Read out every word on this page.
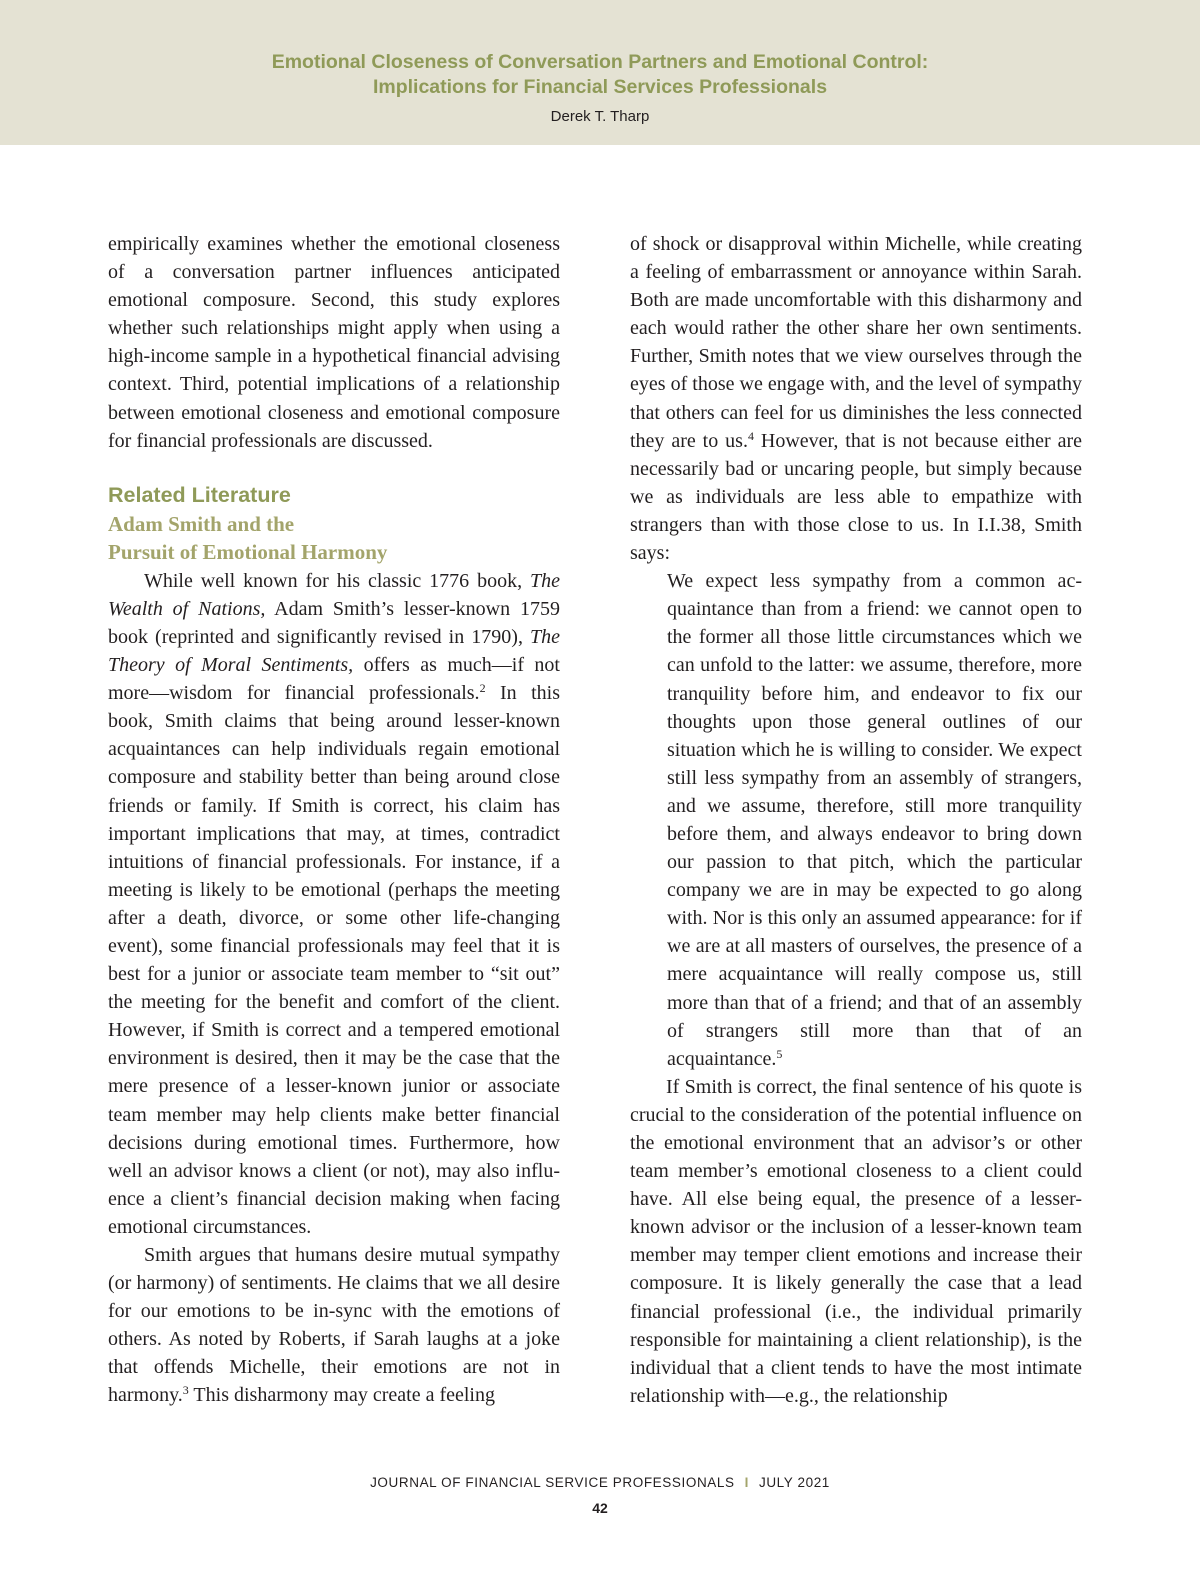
Emotional Closeness of Conversation Partners and Emotional Control:
Implications for Financial Services Professionals
Derek T. Tharp

empirically examines whether the emotional closeness of a conversation partner influences anticipated emotional composure. Second, this study explores whether such relationships might apply when using a high-income sample in a hypothetical financial advising context. Third, potential implications of a relationship between emotional closeness and emotional composure for financial professionals are discussed.

Related Literature
Adam Smith and the
Pursuit of Emotional Harmony

While well known for his classic 1776 book, The Wealth of Nations, Adam Smith’s lesser-known 1759 book (reprinted and significantly revised in 1790), The Theory of Moral Sentiments, offers as much—if not more—wisdom for financial professionals.$^2$ In this book, Smith claims that being around lesser-known acquaintances can help individuals regain emotional composure and stability better than being around close friends or family. If Smith is correct, his claim has important implications that may, at times, contradict intuitions of financial professionals. For instance, if a meeting is likely to be emotional (perhaps the meeting after a death, divorce, or some other life-changing event), some financial professionals may feel that it is best for a junior or associate team member to “sit out” the meeting for the benefit and comfort of the client. However, if Smith is correct and a tempered emotional environment is desired, then it may be the case that the mere presence of a lesser-known junior or associate team member may help clients make better financial decisions during emotional times. Furthermore, how well an advisor knows a client (or not), may also influence a client’s financial decision making when facing emotional circumstances.

Smith argues that humans desire mutual sympathy (or harmony) of sentiments. He claims that we all desire for our emotions to be in-sync with the emotions of others. As noted by Roberts, if Sarah laughs at a joke that offends Michelle, their emotions are not in harmony.$^3$ This disharmony may create a feeling

of shock or disapproval within Michelle, while creating a feeling of embarrassment or annoyance within Sarah. Both are made uncomfortable with this disharmony and each would rather the other share her own sentiments. Further, Smith notes that we view ourselves through the eyes of those we engage with, and the level of sympathy that others can feel for us diminishes the less connected they are to us.$^4$ However, that is not because either are necessarily bad or uncaring people, but simply because we as individuals are less able to empathize with strangers than with those close to us. In I.I.38, Smith says:

We expect less sympathy from a common acquaintance than from a friend: we cannot open to the former all those little circumstances which we can unfold to the latter: we assume, therefore, more tranquility before him, and endeavor to fix our thoughts upon those general outlines of our situation which he is willing to consider. We expect still less sympathy from an assembly of strangers, and we assume, therefore, still more tranquility before them, and always endeavor to bring down our passion to that pitch, which the particular company we are in may be expected to go along with. Nor is this only an assumed appearance: for if we are at all masters of ourselves, the presence of a mere acquaintance will really compose us, still more than that of a friend; and that of an assembly of strangers still more than that of an acquaintance.$^5$

If Smith is correct, the final sentence of his quote is crucial to the consideration of the potential influence on the emotional environment that an advisor’s or other team member’s emotional closeness to a client could have. All else being equal, the presence of a lesser-known advisor or the inclusion of a lesser-known team member may temper client emotions and increase their composure. It is likely generally the case that a lead financial professional (i.e., the individual primarily responsible for maintaining a client relationship), is the individual that a client tends to have the most intimate relationship with—e.g., the relationship

JOURNAL OF FINANCIAL SERVICE PROFESSIONALS I JULY 2021
42
